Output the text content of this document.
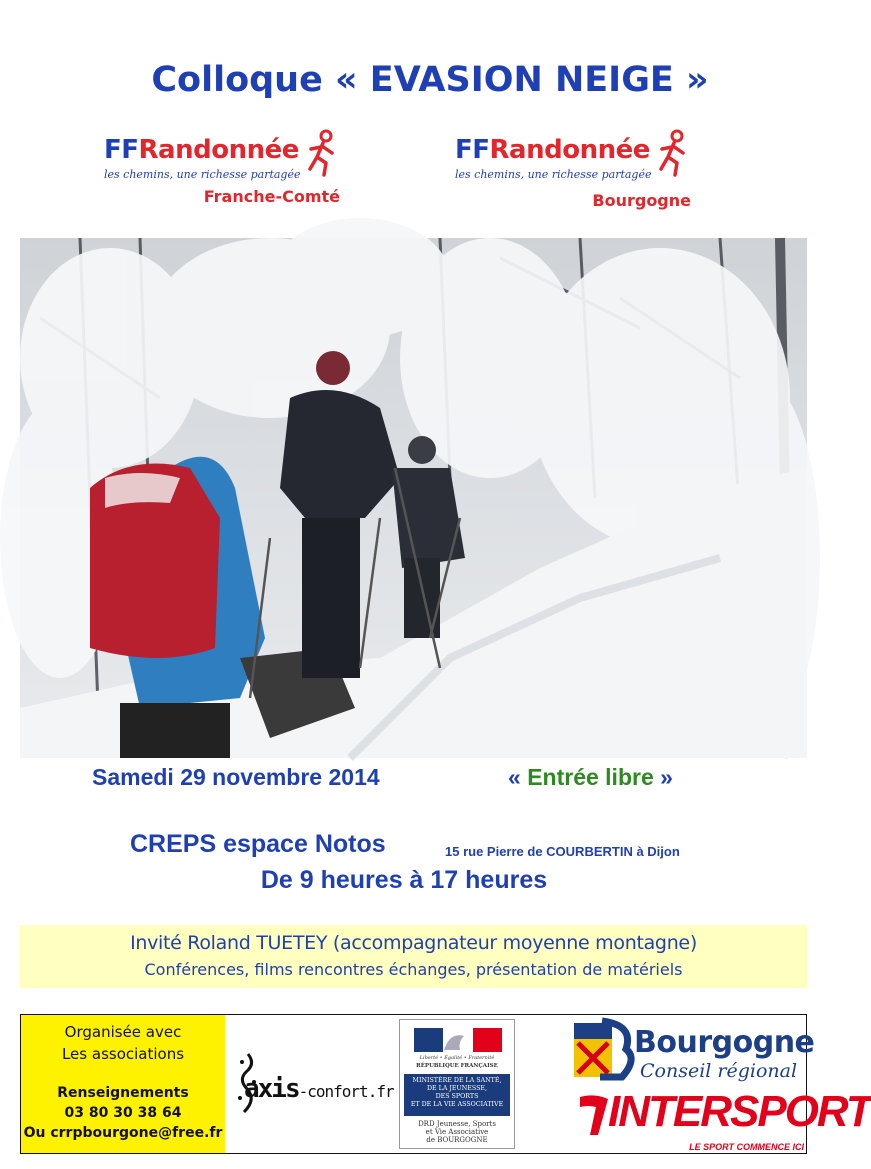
Colloque « EVASION NEIGE »
FFRandonnée
les chemins, une richesse partagée
Franche-Comté
FFRandonnée
les chemins, une richesse partagée
Bourgogne
Samedi 29 novembre 2014	« Entrée libre »
CREPS espace Notos	15 rue Pierre de COURBERTIN à Dijon
De 9 heures à 17 heures
Invité Roland TUETEY (accompagnateur moyenne montagne)
Conférences, films rencontres échanges, présentation de matériels
Organisée avec
Les associations
Renseignements
03 80 30 38 64
Ou crrpbourgone@free.fr
axis-confort.fr
Liberté • Égalité • Fraternité
RÉPUBLIQUE FRANÇAISE
MINISTÈRE DE LA SANTÉ,
DE LA JEUNESSE,
DES SPORTS
ET DE LA VIE ASSOCIATIVE
DRD Jeunesse, Sports
et Vie Associative
de BOURGOGNE
Bourgogne
Conseil régional
INTERSPORT
LE SPORT COMMENCE ICI
